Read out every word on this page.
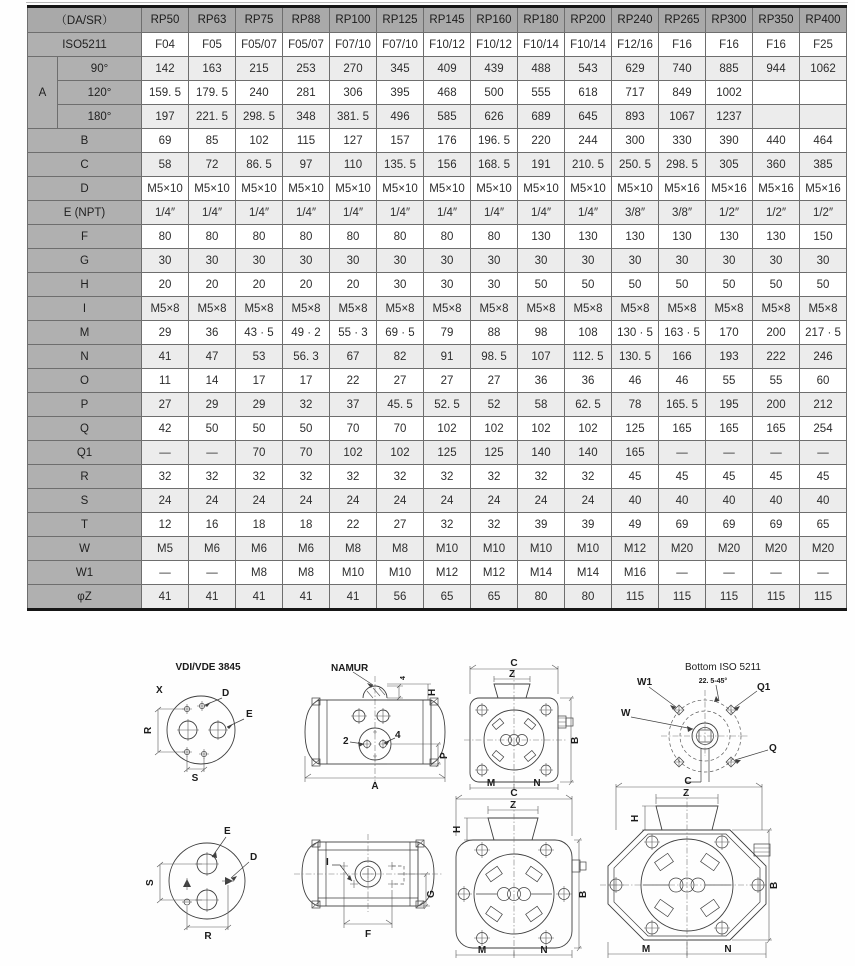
（DA/SR）		RP50	RP63	RP75	RP88	RP100	RP125	RP145	RP160	RP180	RP200	RP240	RP265	RP300	RP350	RP400
ISO5211		F04	F05	F05/07	F05/07	F07/10	F07/10	F10/12	F10/12	F10/14	F10/14	F12/16	F16	F16	F16	F25
A	90°	142	163	215	253	270	345	409	439	488	543	629	740	885	944	1062
	120°	159. 5	179. 5	240	281	306	395	468	500	555	618	717	849	1002		
	180°	197	221. 5	298. 5	348	381. 5	496	585	626	689	645	893	1067	1237		
B		69	85	102	115	127	157	176	196. 5	220	244	300	330	390	440	464
C		58	72	86. 5	97	110	135. 5	156	168. 5	191	210. 5	250. 5	298. 5	305	360	385
D		M5×10	M5×10	M5×10	M5×10	M5×10	M5×10	M5×10	M5×10	M5×10	M5×10	M5×10	M5×16	M5×16	M5×16	M5×16
E (NPT)		1/4″	1/4″	1/4″	1/4″	1/4″	1/4″	1/4″	1/4″	1/4″	1/4″	3/8″	3/8″	1/2″	1/2″	1/2″
F		80	80	80	80	80	80	80	80	130	130	130	130	130	130	150
G		30	30	30	30	30	30	30	30	30	30	30	30	30	30	30
H		20	20	20	20	20	30	30	30	50	50	50	50	50	50	50
I		M5×8	M5×8	M5×8	M5×8	M5×8	M5×8	M5×8	M5×8	M5×8	M5×8	M5×8	M5×8	M5×8	M5×8	M5×8
M		29	36	43 · 5	49 · 2	55 · 3	69 · 5	79	88	98	108	130 · 5	163 · 5	170	200	217 · 5
N		41	47	53	56. 3	67	82	91	98. 5	107	112. 5	130. 5	166	193	222	246
O		11	14	17	17	22	27	27	27	36	36	46	46	55	55	60
P		27	29	29	32	37	45. 5	52. 5	52	58	62. 5	78	165. 5	195	200	212
Q		42	50	50	50	70	70	102	102	102	102	125	165	165	165	254
Q1		—	—	70	70	102	102	125	125	140	140	165	—	—	—	—
R		32	32	32	32	32	32	32	32	32	32	45	45	45	45	45
S		24	24	24	24	24	24	24	24	24	24	40	40	40	40	40
T		12	16	18	18	22	27	32	32	39	39	49	69	69	69	65
W		M5	M6	M6	M6	M8	M8	M10	M10	M10	M10	M12	M20	M20	M20	M20
W1		—	—	M8	M8	M10	M10	M12	M12	M14	M14	M16	—	—	—	—
φZ		41	41	41	41	41	56	65	65	80	80	115	115	115	115	115
VDI/VDE 3845
X	D
E
R
S
NAMUR
4
H
2
4
P
A
C
Z
B
M	N
Bottom ISO 5211
22. 5-45°
W1
W
Q1
Q
E
D
S
R
I
G
F
C
Z
H
B
M	N
C
Z
H
B
M	N
